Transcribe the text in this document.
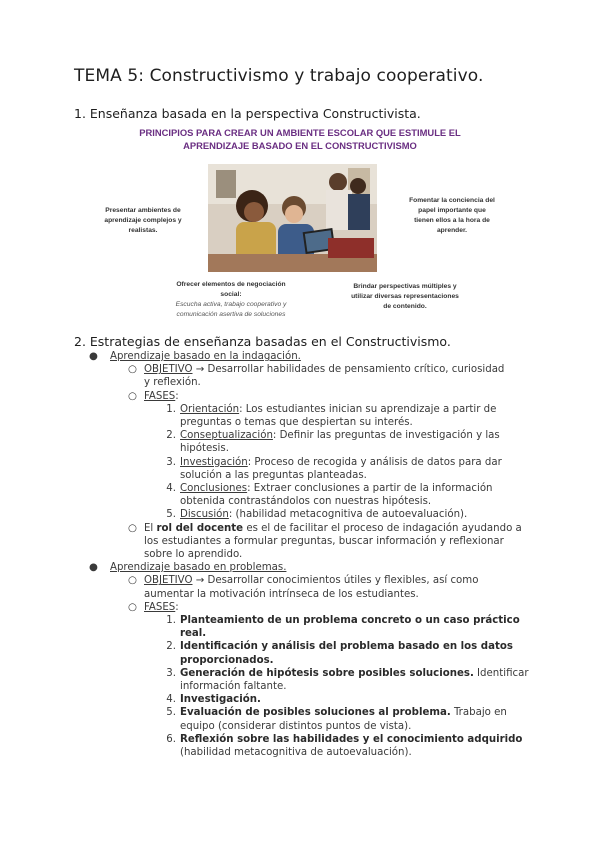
TEMA 5: Constructivismo y trabajo cooperativo.
1. Enseñanza basada en la perspectiva Constructivista.
PRINCIPIOS PARA CREAR UN AMBIENTE ESCOLAR QUE ESTIMULE EL
APRENDIZAJE BASADO EN EL CONSTRUCTIVISMO
Presentar ambientes de
aprendizaje complejos y
realistas.
Fomentar la conciencia del
papel importante que
tienen ellos a la hora de
aprender.
Ofrecer elementos de negociación
social:
Escucha activa, trabajo cooperativo y
comunicación asertiva de soluciones
Brindar perspectivas múltiples y
utilizar diversas representaciones
de contenido.
2. Estrategias de enseñanza basadas en el Constructivismo.
● Aprendizaje basado en la indagación.
○ OBJETIVO → Desarrollar habilidades de pensamiento crítico, curiosidad
y reflexión.
○ FASES:
1. Orientación: Los estudiantes inician su aprendizaje a partir de
preguntas o temas que despiertan su interés.
2. Conseptualización: Definir las preguntas de investigación y las
hipótesis.
3. Investigación: Proceso de recogida y análisis de datos para dar
solución a las preguntas planteadas.
4. Conclusiones: Extraer conclusiones a partir de la información
obtenida contrastándolos con nuestras hipótesis.
5. Discusión: (habilidad metacognitiva de autoevaluación).
○ El rol del docente es el de facilitar el proceso de indagación ayudando a
los estudiantes a formular preguntas, buscar información y reflexionar
sobre lo aprendido.
● Aprendizaje basado en problemas.
○ OBJETIVO → Desarrollar conocimientos útiles y flexibles, así como
aumentar la motivación intrínseca de los estudiantes.
○ FASES:
1. Planteamiento de un problema concreto o un caso práctico real.
2. Identificación y análisis del problema basado en los datos
proporcionados.
3. Generación de hipótesis sobre posibles soluciones. Identificar
información faltante.
4. Investigación.
5. Evaluación de posibles soluciones al problema. Trabajo en
equipo (considerar distintos puntos de vista).
6. Reflexión sobre las habilidades y el conocimiento adquirido
(habilidad metacognitiva de autoevaluación).
